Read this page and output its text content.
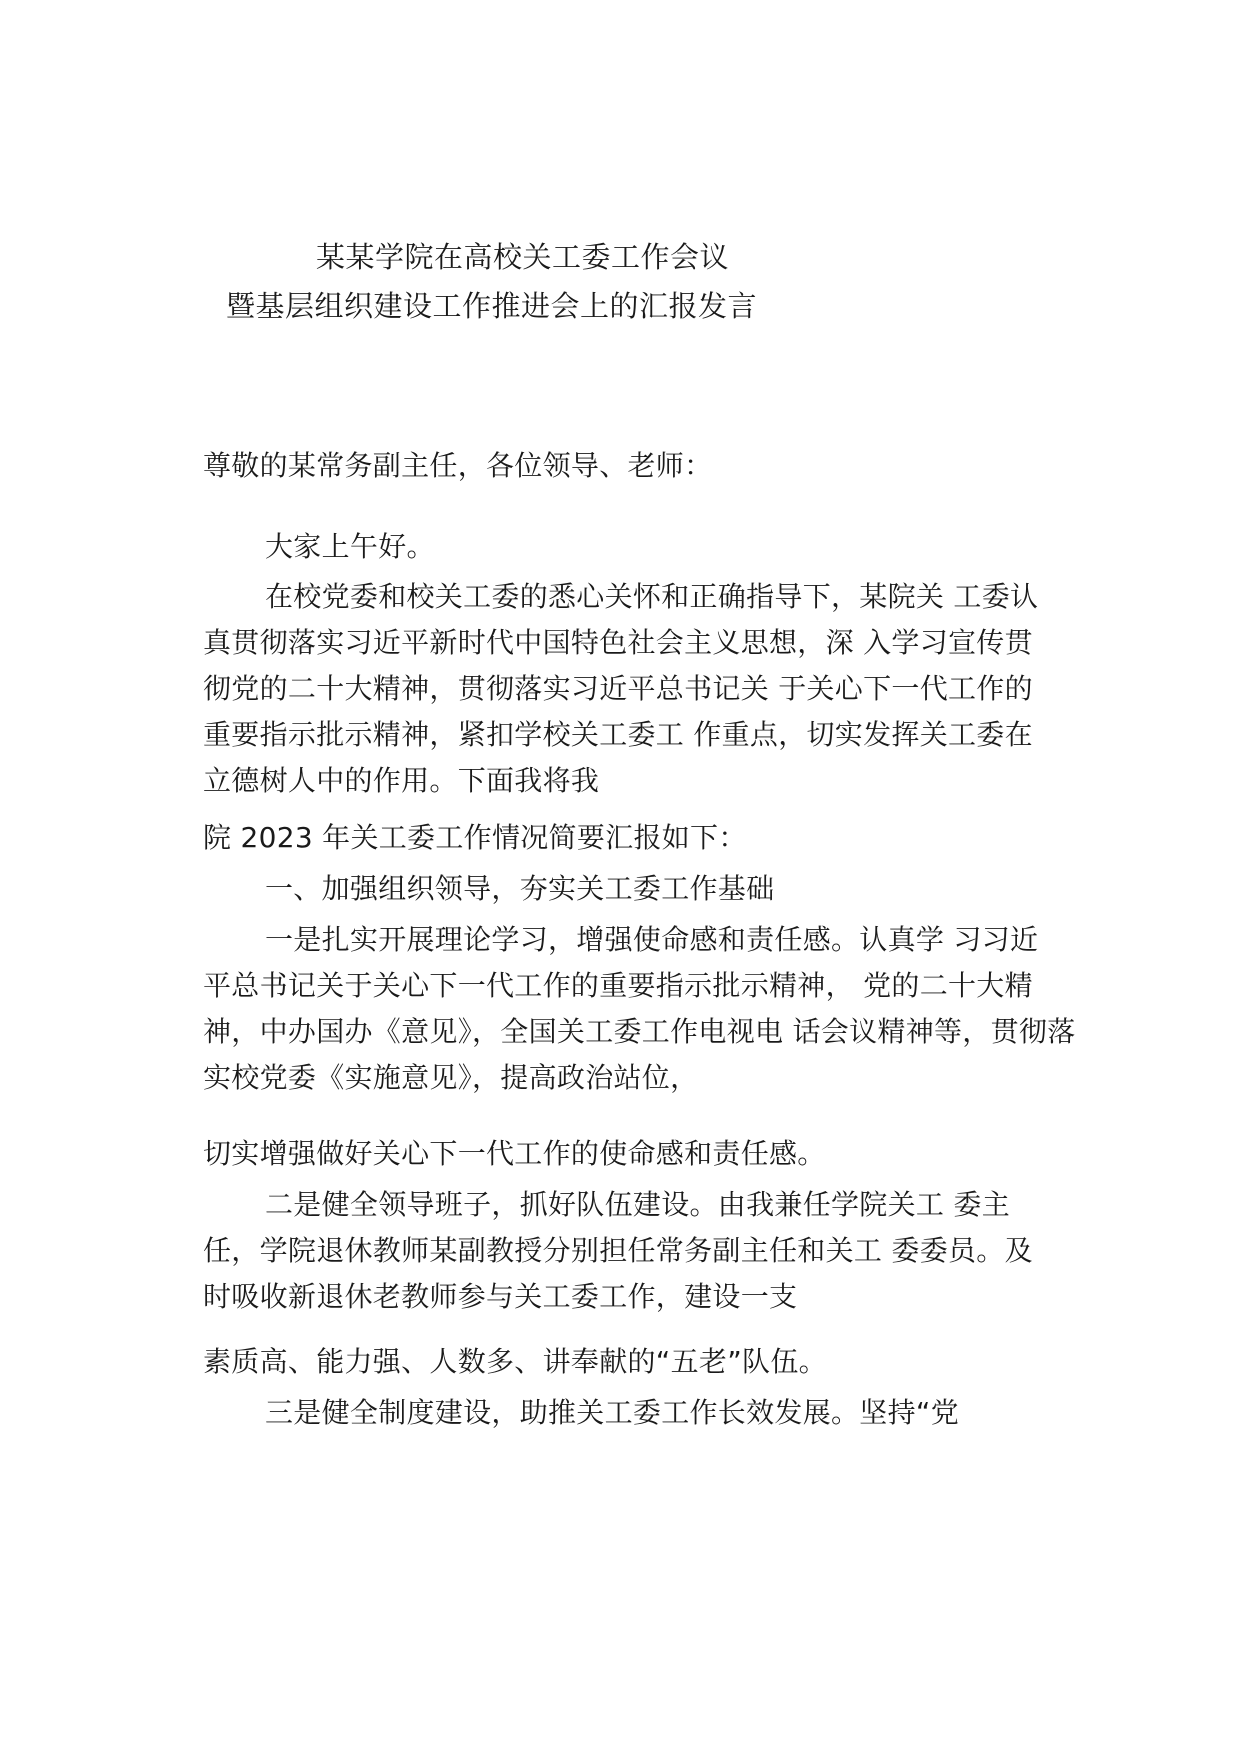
某某学院在高校关工委工作会议
暨基层组织建设工作推进会上的汇报发言
尊敬的某常务副主任，各位领导、老师：
大家上午好。
在校党委和校关工委的悉心关怀和正确指导下，某院关 工委认
真贯彻落实习近平新时代中国特色社会主义思想，深 入学习宣传贯
彻党的二十大精神，贯彻落实习近平总书记关 于关心下一代工作的
重要指示批示精神，紧扣学校关工委工 作重点，切实发挥关工委在
立德树人中的作用。下面我将我
院 2023 年关工委工作情况简要汇报如下：
一、加强组织领导，夯实关工委工作基础
一是扎实开展理论学习，增强使命感和责任感。认真学 习习近
平总书记关于关心下一代工作的重要指示批示精神， 党的二十大精
神，中办国办《意见》，全国关工委工作电视电 话会议精神等，贯彻落
实校党委《实施意见》，提高政治站位，
切实增强做好关心下一代工作的使命感和责任感。
二是健全领导班子，抓好队伍建设。由我兼任学院关工 委主
任，学院退休教师某副教授分别担任常务副主任和关工 委委员。及
时吸收新退休老教师参与关工委工作，建设一支
素质高、能力强、人数多、讲奉献的“五老”队伍。
三是健全制度建设，助推关工委工作长效发展。坚持“党
